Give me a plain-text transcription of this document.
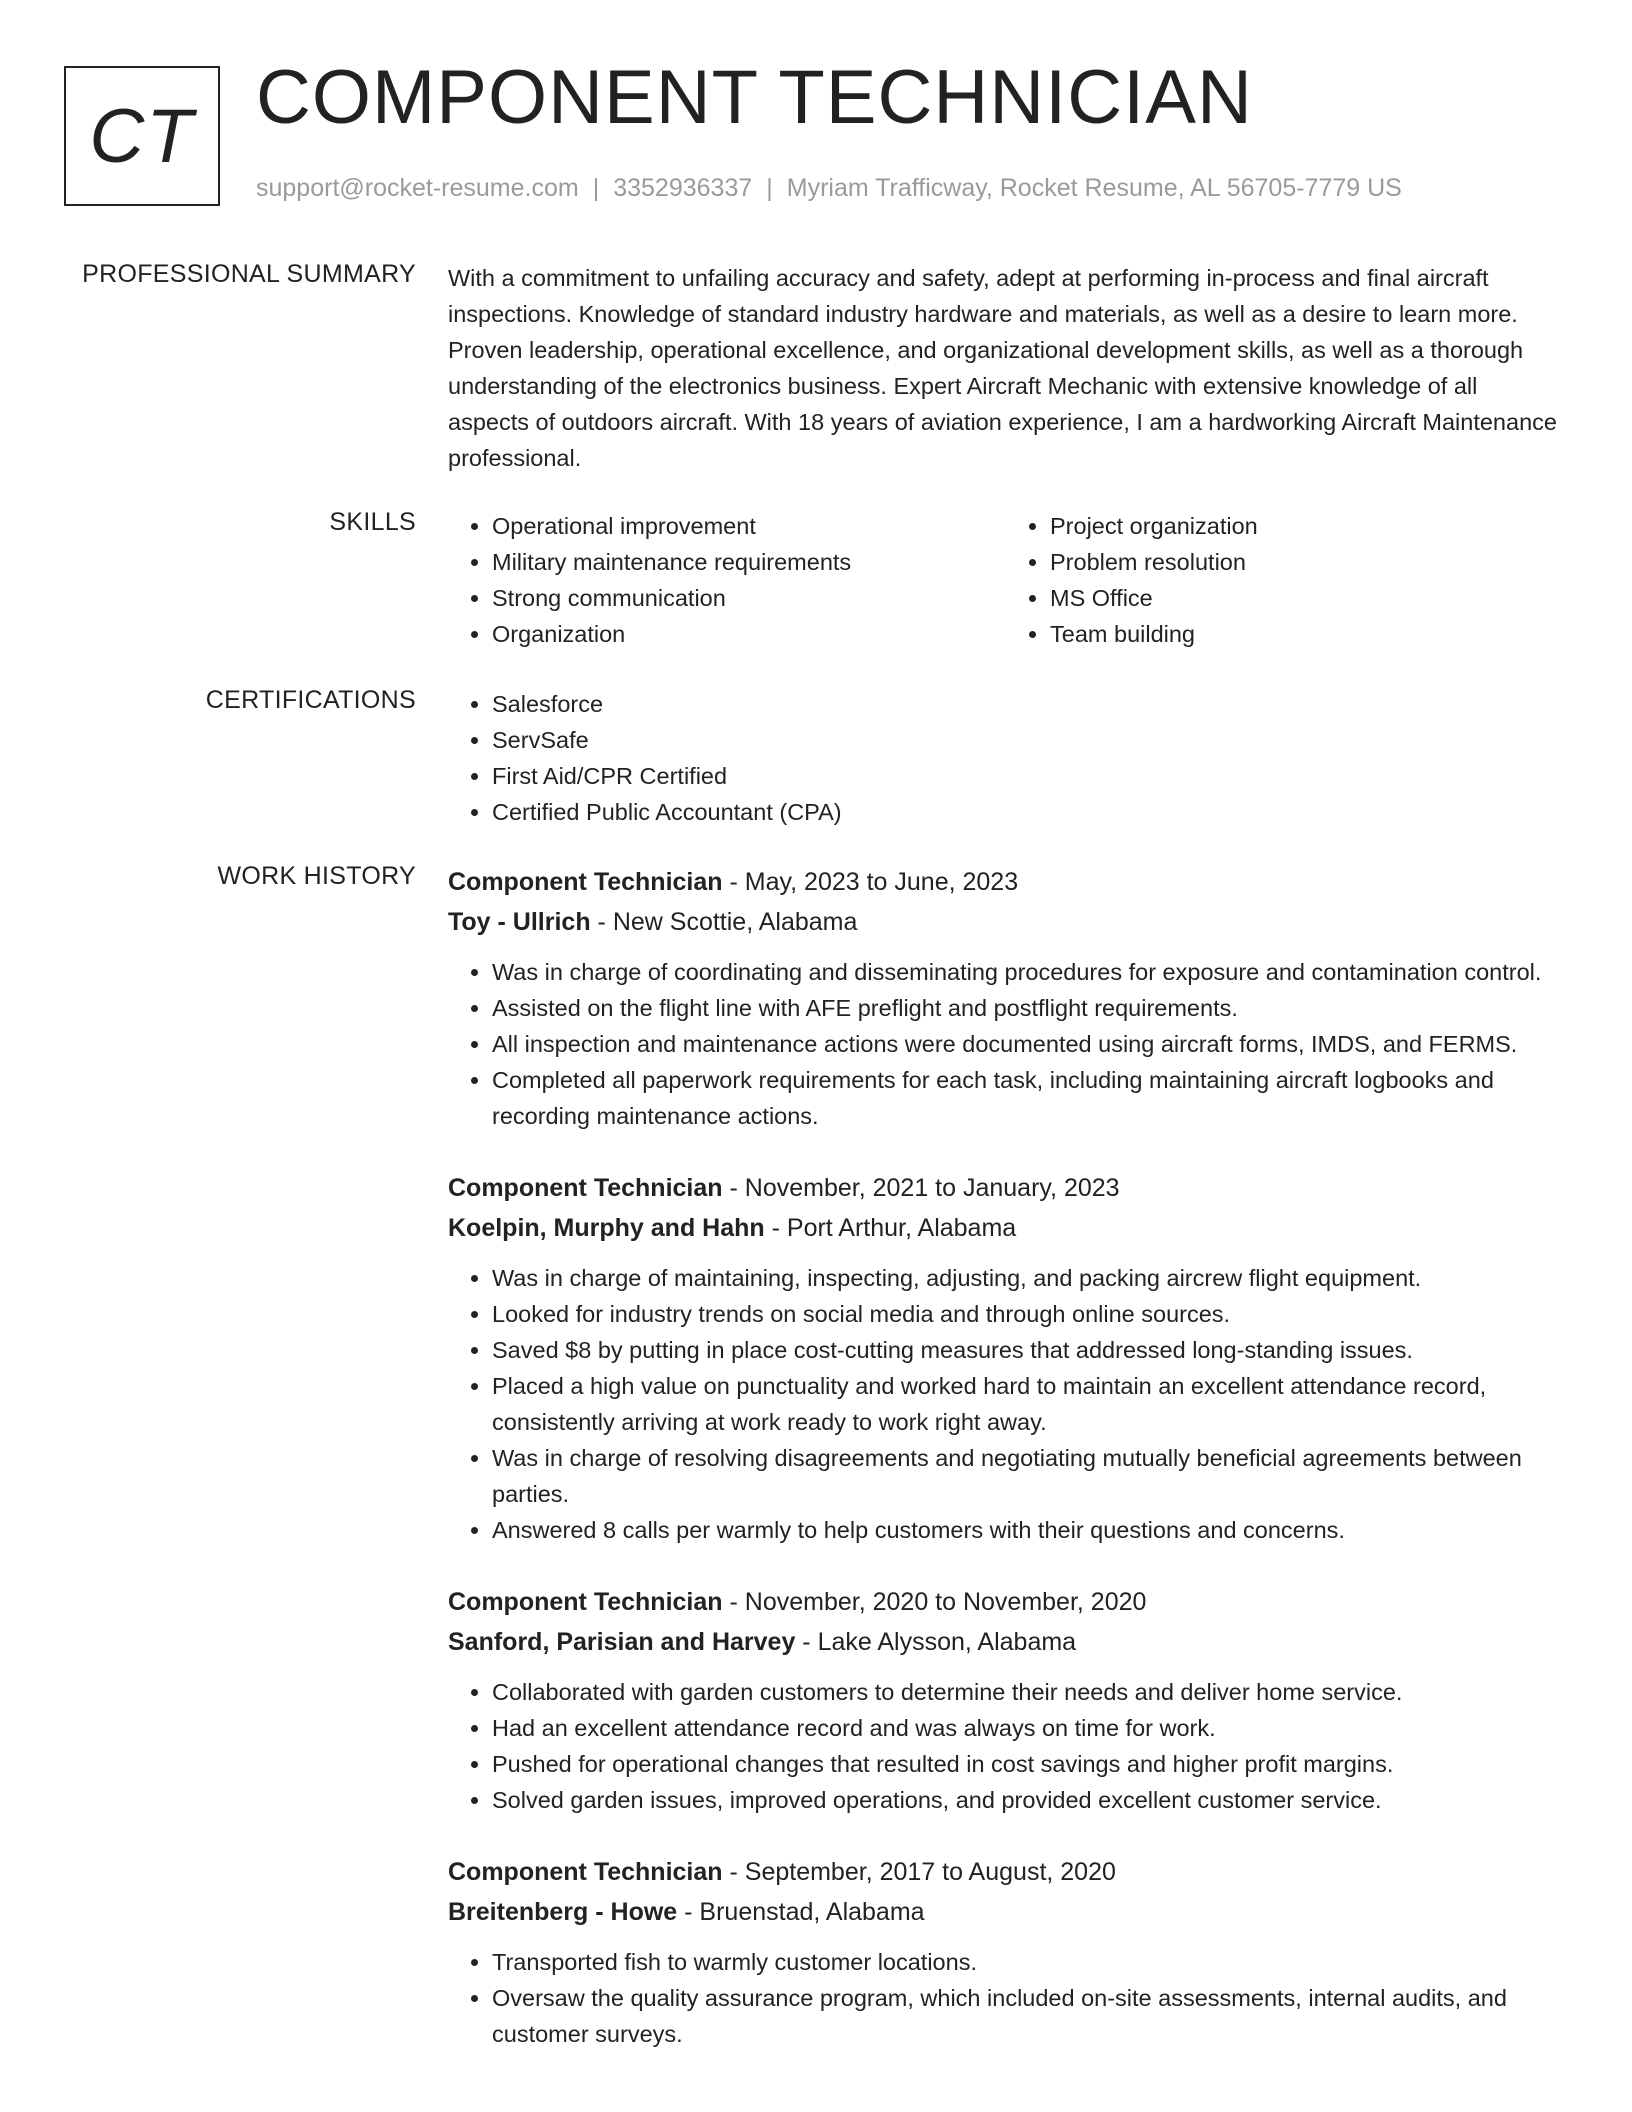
CT COMPONENT TECHNICIAN
support@rocket-resume.com | 3352936337 | Myriam Trafficway, Rocket Resume, AL 56705-7779 US
PROFESSIONAL SUMMARY With a commitment to unfailing accuracy and safety, adept at performing in-process and final aircraft inspections. Knowledge of standard industry hardware and materials, as well as a desire to learn more. Proven leadership, operational excellence, and organizational development skills, as well as a thorough understanding of the electronics business. Expert Aircraft Mechanic with extensive knowledge of all aspects of outdoors aircraft. With 18 years of aviation experience, I am a hardworking Aircraft Maintenance professional.

SKILLS	• Operational improvement
• Military maintenance requirements
• Strong communication
• Organization
• Project organization
• Problem resolution
• MS Office
• Team building
CERTIFICATIONS	• Salesforce
• ServSafe
• First Aid/CPR Certified
• Certified Public Accountant (CPA)
WORK HISTORY Component Technician - May, 2023 to June, 2023
Toy - Ullrich - New Scottie, Alabama
• Was in charge of coordinating and disseminating procedures for exposure and contamination control.
• Assisted on the flight line with AFE preflight and postflight requirements.
• All inspection and maintenance actions were documented using aircraft forms, IMDS, and FERMS.
• Completed all paperwork requirements for each task, including maintaining aircraft logbooks and recording maintenance actions.
Component Technician - November, 2021 to January, 2023
Koelpin, Murphy and Hahn - Port Arthur, Alabama
• Was in charge of maintaining, inspecting, adjusting, and packing aircrew flight equipment.
• Looked for industry trends on social media and through online sources.
• Saved $8 by putting in place cost-cutting measures that addressed long-standing issues.
• Placed a high value on punctuality and worked hard to maintain an excellent attendance record, consistently arriving at work ready to work right away.
• Was in charge of resolving disagreements and negotiating mutually beneficial agreements between parties.
• Answered 8 calls per warmly to help customers with their questions and concerns.
Component Technician - November, 2020 to November, 2020
Sanford, Parisian and Harvey - Lake Alysson, Alabama
• Collaborated with garden customers to determine their needs and deliver home service.
• Had an excellent attendance record and was always on time for work.
• Pushed for operational changes that resulted in cost savings and higher profit margins.
• Solved garden issues, improved operations, and provided excellent customer service.
Component Technician - September, 2017 to August, 2020
Breitenberg - Howe - Bruenstad, Alabama
• Transported fish to warmly customer locations.
• Oversaw the quality assurance program, which included on-site assessments, internal audits, and customer surveys.
